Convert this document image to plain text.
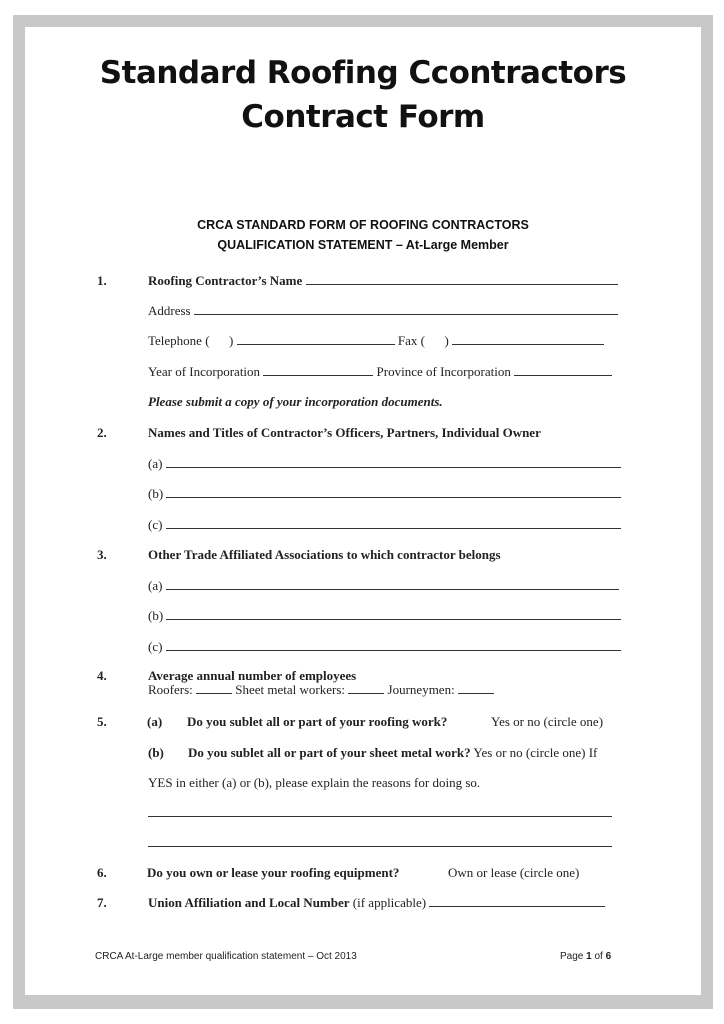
Standard Roofing Ccontractors
Contract Form
CRCA STANDARD FORM OF ROOFING CONTRACTORS
QUALIFICATION STATEMENT – At-Large Member
1.	Roofing Contractor’s Name
Address
Telephone (      )	Fax (      )
Year of Incorporation	Province of Incorporation
Please submit a copy of your incorporation documents.
2.	Names and Titles of Contractor’s Officers, Partners, Individual Owner
(a)
(b)
(c)
3.	Other Trade Affiliated Associations to which contractor belongs
(a)
(b)
(c)
4.	Average annual number of employees
Roofers:	Sheet metal workers:	Journeymen:
5.	(a) Do you sublet all or part of your roofing work?	Yes or no (circle one)
(b) Do you sublet all or part of your sheet metal work? Yes or no (circle one) If
YES in either (a) or (b), please explain the reasons for doing so.
6.	Do you own or lease your roofing equipment?	Own or lease (circle one)
7.	Union Affiliation and Local Number (if applicable)
CRCA At-Large member qualification statement – Oct 2013	Page 1 of 6
